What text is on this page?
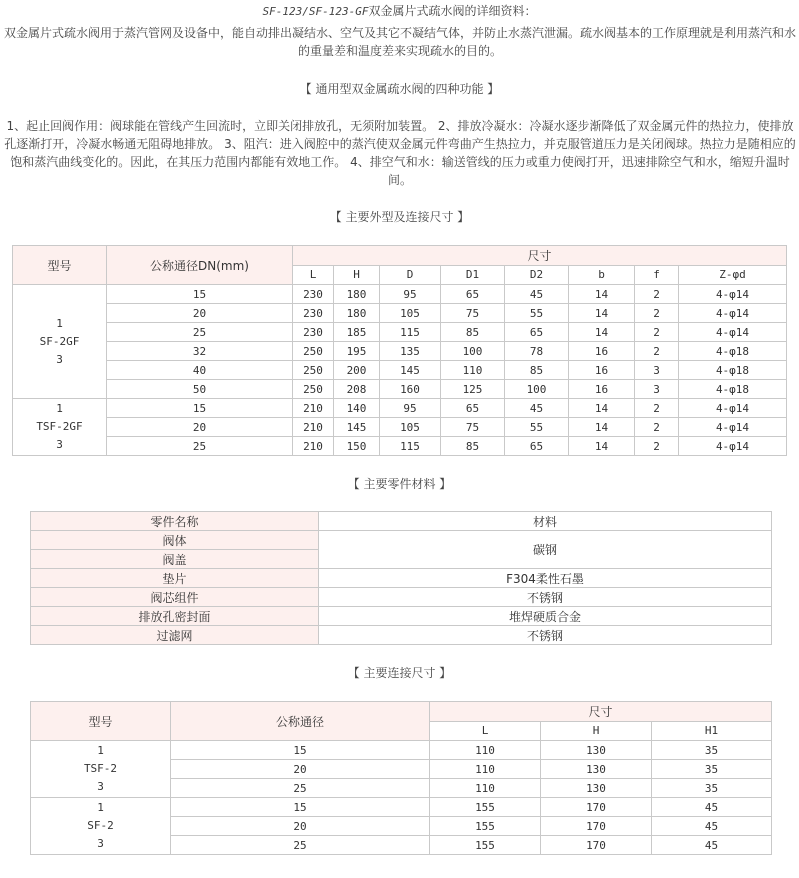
SF-123/SF-123-GF双金属片式疏水阀的详细资料：
双金属片式疏水阀用于蒸汽管网及设备中，能自动排出凝结水、空气及其它不凝结气体，并防止水蒸汽泄漏。疏水阀基本的工作原理就是利用蒸汽和水的重量差和温度差来实现疏水的目的。
【 通用型双金属疏水阀的四种功能 】
1、起止回阀作用：阀球能在管线产生回流时，立即关闭排放孔，无须附加装置。 2、排放冷凝水：冷凝水逐步渐降低了双金属元件的热拉力，使排放孔逐渐打开，冷凝水畅通无阻碍地排放。 3、阻汽：进入阀腔中的蒸汽使双金属元件弯曲产生热拉力，并克服管道压力是关闭阀球。热拉力是随相应的饱和蒸汽曲线变化的。因此，在其压力范围内都能有效地工作。 4、排空气和水：输送管线的压力或重力使阀打开，迅速排除空气和水，缩短升温时间。
【 主要外型及连接尺寸 】
型号	公称通径DN(mm)	尺寸							
		L	H	D	D1	D2	b	f	Z-φd

1
SF-2GF
3	15	230	180	95	65	45	14	2	4-φ14
	20	230	180	105	75	55	14	2	4-φ14
	25	230	185	115	85	65	14	2	4-φ14
	32	250	195	135	100	78	16	2	4-φ18
	40	250	200	145	110	85	16	3	4-φ18
	50	250	208	160	125	100	16	3	4-φ18

1
TSF-2GF
3	15	210	140	95	65	45	14	2	4-φ14
	20	210	145	105	75	55	14	2	4-φ14
	25	210	150	115	85	65	14	2	4-φ14
【 主要零件材料 】
零件名称	材料
阀体	碳钢
阀盖	
垫片	F304柔性石墨
阀芯组件	不锈钢
排放孔密封面	堆焊硬质合金
过滤网	不锈钢
【 主要连接尺寸 】
型号	公称通径	尺寸		
		L	H	H1

1
TSF-2
3	15	110	130	35
	20	110	130	35
	25	110	130	35

1
SF-2
3	15	155	170	45
	20	155	170	45
	25	155	170	45
